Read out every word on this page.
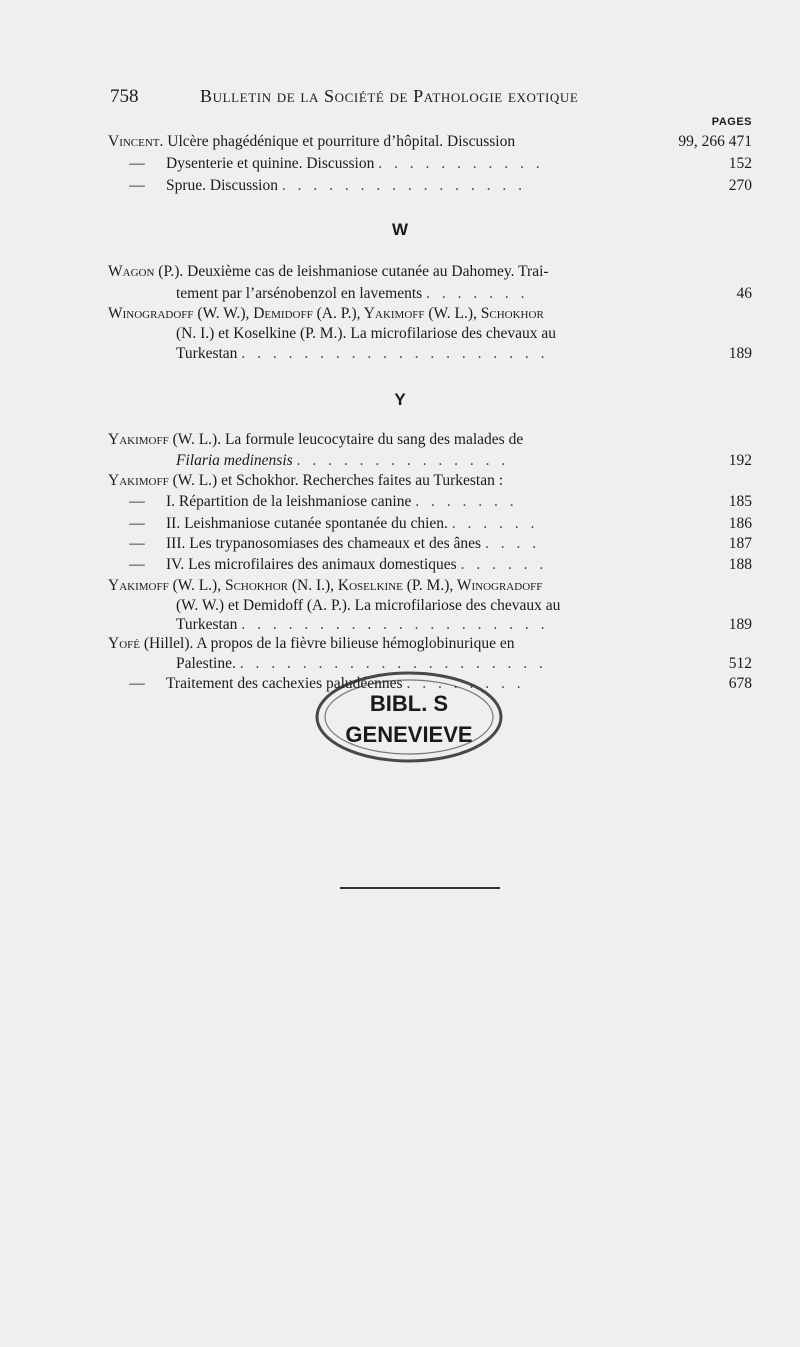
758	Bulletin de la Société de Pathologie exotique
PAGES
Vincent. Ulcère phagédénique et pourriture d’hôpital. Discussion	99, 266 471
— Dysenterie et quinine. Discussion . . . . . . . . . . .	152
— Sprue. Discussion . . . . . . . . . . . . . . . .	270
W
Wagon (P.). Deuxième cas de leishmaniose cutanée au Dahomey. Trai-
tement par l’arsénobenzol en lavements . . . . . . .	46
Winogradoff (W. W.), Demidoff (A. P.), Yakimoff (W. L.), Schokhor
(N. I.) et Koselkine (P. M.). La microfilariose des chevaux au
Turkestan . . . . . . . . . . . . . . . . . . . .	189
Y
Yakimoff (W. L.). La formule leucocytaire du sang des malades de
Filaria medinensis . . . . . . . . . . . . . .	192
Yakimoff (W. L.) et Schokhor. Recherches faites au Turkestan :
— I. Répartition de la leishmaniose canine . . . . . . .	185
— II. Leishmaniose cutanée spontanée du chien. . . . . . .	186
— III. Les trypanosomiases des chameaux et des ânes . . . .	187
— IV. Les microfilaires des animaux domestiques . . . . . .	188
Yakimoff (W. L.), Schokhor (N. I.), Koselkine (P. M.), Winogradoff
(W. W.) et Demidoff (A. P.). La microfilariose des chevaux au
Turkestan . . . . . . . . . . . . . . . . . . . .	189
Yofé (Hillel). A propos de la fièvre bilieuse hémoglobinurique en
Palestine. . . . . . . . . . . . . . . . . . . . .	512
— Traitement des cachexies paludéennes . . . . . . . .	678
BIBL. S
GENEVIEVE
